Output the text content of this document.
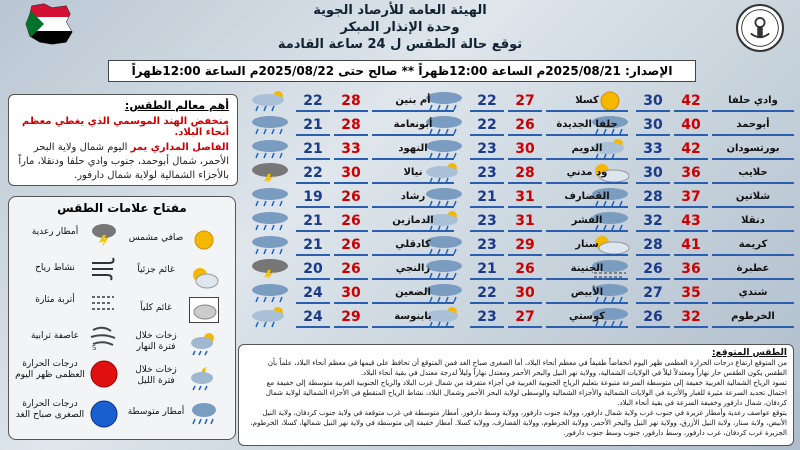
الهيئة العامة للأرصاد الجوية
وحدة الإنذار المبكر
توقع حالة الطقس ل 24 ساعة القادمة
الإصدار: 2025/08/21م الساعة 12:00ظهراً ** صالح حتى 2025/08/22م الساعة 12:00ظهراً
أهم معالم الطقس:
منخفض الهند الموسمي الذي يغطي معظم أنحاء البلاد.
الفاصل المداري يمر اليوم شمال ولاية البحر الأحمر، شمال أبوحمد، جنوب وادي حلفا ودنقلا، ماراً بالأجزاء الشمالية لولاية شمال دارفور.
مفتاح علامات الطقس
صافي مشمس
أمطار رعدية
غائم جزئياً
نشاط رياح
غائم كلياً
أتربة مثارة
زخات خلال فترة النهار
S
عاصفة ترابية
زخات خلال فترة الليل
درجات الحرارة العظمى ظهر اليوم
أمطار متوسطة
درجات الحرارة الصغرى صباح الغد
30	42	وادي حلفا
30	40	أبوحمد
33	42	بورتسودان
30	36	حلايب
28	37	شلاتين
32	43	دنقلا
28	41	كريمة
26	36	عطبرة
27	35	شندي
26	32	الخرطوم
22	27	كسلا
22	26	حلفا الجديدة
23	30	الدويم
23	28	ود مدني
21	31	القضارف
23	31	الفشر
23	29	سنار
21	26	الجنينة
22	30	الأبيض
23	27	كوستي
22	28	أم بنين
21	28	أبونعامة
21	33	النهود
22	30	نيالا
19	26	رشاد
21	26	الدمازين
21	26	كادقلي
20	26	زالنجي
24	30	الضعين
24	29	بابنوسة
الطقس المتوقع:
من المتوقع ارتفاع درجات الحرارة العظمى ظهر اليوم انخفاضاً طفيفاً في معظم أنحاء البلاد، أما الصغرى صباح الغد فمن المتوقع أن تحافظ على قيمها في معظم أنحاء البلاد، علماً بأن الطقس يكون الطقس حار نهاراً ومعتدلاً ليلاً في الولايات الشمالية، وولاية نهر النيل والبحر الأحمر ومعتدل نهاراً وليلاً لدرجة معتدل في بقية أنحاء البلاد.
تسود الرياح الشمالية الغربية خفيفة إلى متوسطة السرعة متبوعة بتعليم الرياح الجنوبية الغربية في أجزاء متفرقة من شمال غرب البلاد والرياح الجنوبية الغربية متوسطة إلى خفيفة مع احتمال تحديد السرعة مثيرة للغبار والأتربة في الولايات الشمالية والأجزاء الشمالية والوسطى لولاية البحر الأحمر وشمال البلاد، نشاط الرياح المتقطع في الأجزاء الشمالية لولاية شمال كردفان، شمال دارفور وخفيفة السرعة في بقية أنحاء البلاد.
يتوقع عواصف رعدية وأمطار غزيرة في جنوب غرب ولاية شمال دارفور، وولاية جنوب دارفور، وولاية وسط دارفور. أمطار متوسطة في غرب متوقعة في ولاية جنوب كردفان، ولاية النيل الأبيض، ولاية سنار، ولاية النيل الأزرق، وولاية نهر النيل والبحر الأحمر، وولاية الخرطوم، وولاية القضارف، وولاية كسلا. أمطار خفيفة إلى متوسطة في ولاية نهر النيل شمالها، كسلا، الخرطوم، الجزيرة غرب كردفان، غرب دارفور، وسط دارفور، جنوب وسط جنوب دارفور.
